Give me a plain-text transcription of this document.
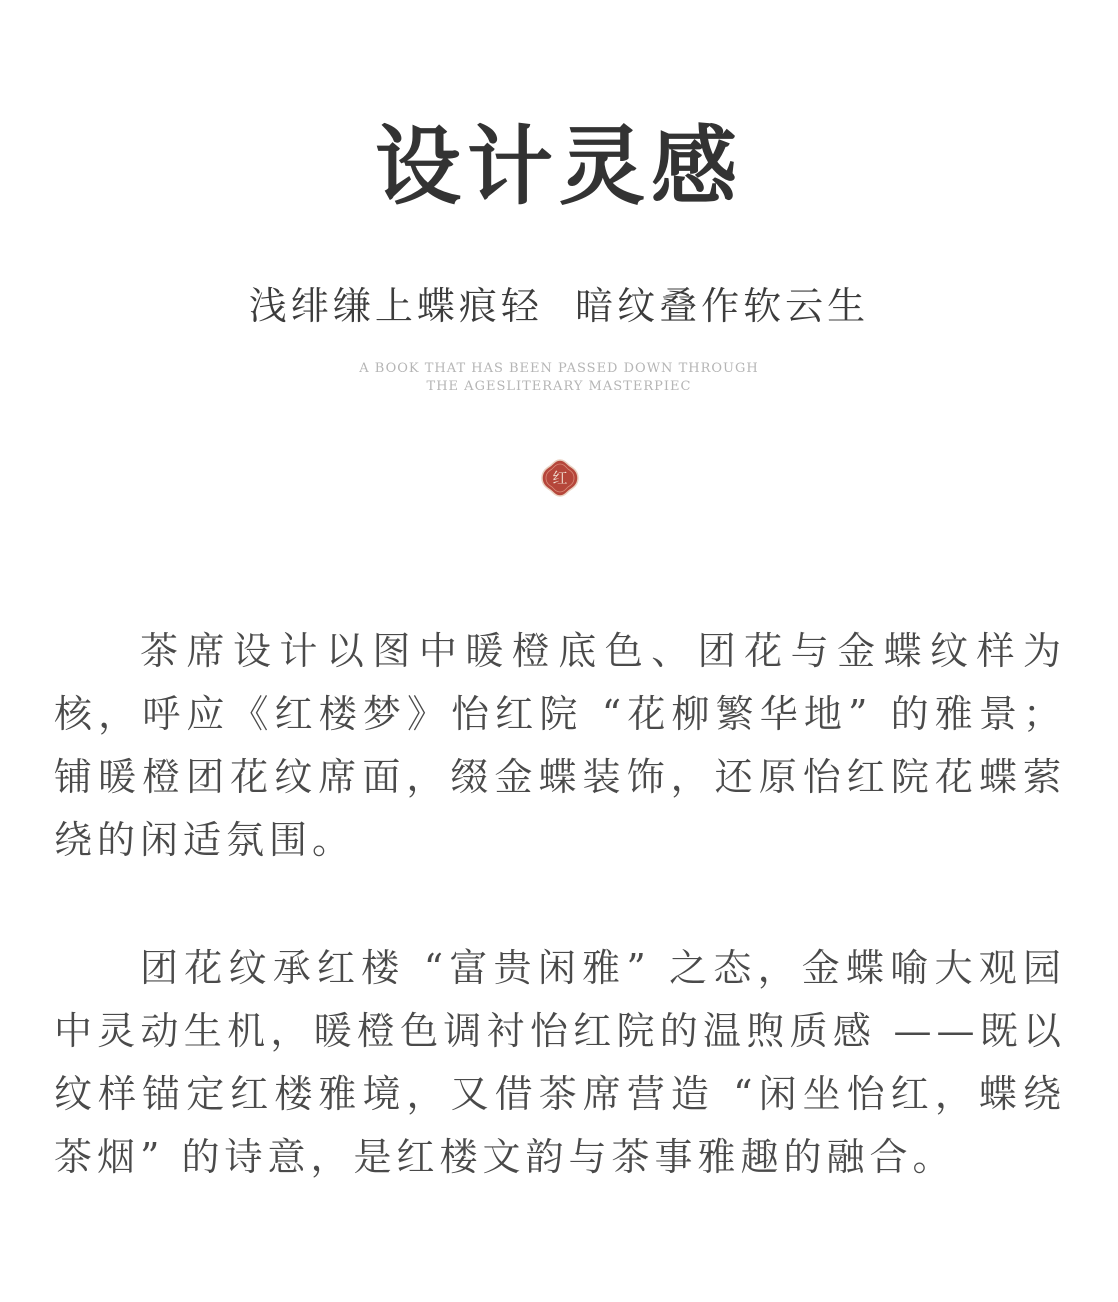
设计灵感
浅绯缣上蝶痕轻  暗纹叠作软云生
A BOOK THAT HAS BEEN PASSED DOWN THROUGH
THE AGESLITERARY MASTERPIEC
红

茶席设计以图中暖橙底色、团花与金蝶纹样为核，呼应《红楼梦》怡红院 “花柳繁华地” 的雅景；铺暖橙团花纹席面，缀金蝶装饰，还原怡红院花蝶萦绕的闲适氛围。

团花纹承红楼 “富贵闲雅” 之态，金蝶喻大观园中灵动生机，暖橙色调衬怡红院的温煦质感 ——既以纹样锚定红楼雅境，又借茶席营造 “闲坐怡红，蝶绕茶烟” 的诗意，是红楼文韵与茶事雅趣的融合。
